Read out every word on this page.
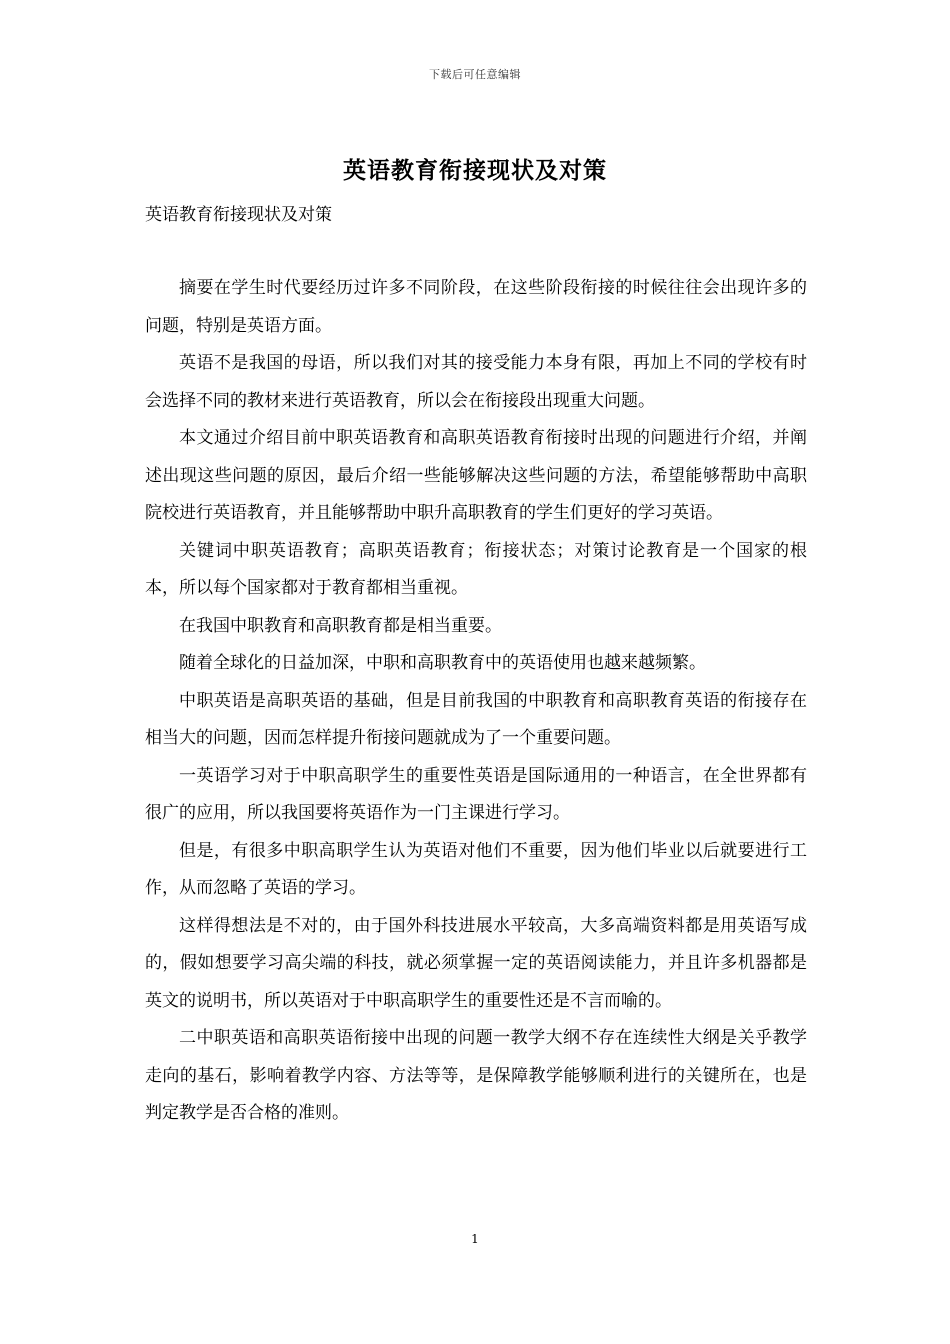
下载后可任意编辑
英语教育衔接现状及对策
英语教育衔接现状及对策

摘要在学生时代要经历过许多不同阶段，在这些阶段衔接的时候往往会出现许多的问题，特别是英语方面。

英语不是我国的母语，所以我们对其的接受能力本身有限，再加上不同的学校有时会选择不同的教材来进行英语教育，所以会在衔接段出现重大问题。

本文通过介绍目前中职英语教育和高职英语教育衔接时出现的问题进行介绍，并阐述出现这些问题的原因，最后介绍一些能够解决这些问题的方法，希望能够帮助中高职院校进行英语教育，并且能够帮助中职升高职教育的学生们更好的学习英语。

关键词中职英语教育；高职英语教育；衔接状态；对策讨论教育是一个国家的根本，所以每个国家都对于教育都相当重视。

在我国中职教育和高职教育都是相当重要。

随着全球化的日益加深，中职和高职教育中的英语使用也越来越频繁。

中职英语是高职英语的基础，但是目前我国的中职教育和高职教育英语的衔接存在相当大的问题，因而怎样提升衔接问题就成为了一个重要问题。

一英语学习对于中职高职学生的重要性英语是国际通用的一种语言，在全世界都有很广的应用，所以我国要将英语作为一门主课进行学习。

但是，有很多中职高职学生认为英语对他们不重要，因为他们毕业以后就要进行工作，从而忽略了英语的学习。

这样得想法是不对的，由于国外科技进展水平较高，大多高端资料都是用英语写成的，假如想要学习高尖端的科技，就必须掌握一定的英语阅读能力，并且许多机器都是英文的说明书，所以英语对于中职高职学生的重要性还是不言而喻的。

二中职英语和高职英语衔接中出现的问题一教学大纲不存在连续性大纲是关乎教学走向的基石，影响着教学内容、方法等等，是保障教学能够顺利进行的关键所在，也是判定教学是否合格的准则。

1
